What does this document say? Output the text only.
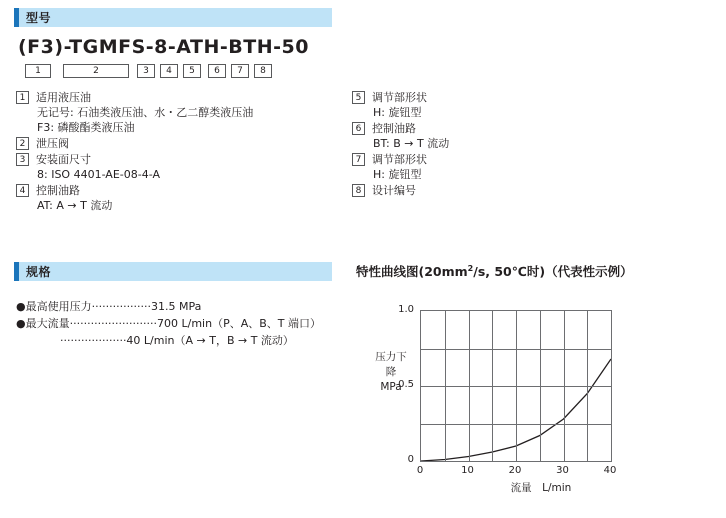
型号
(F3)-TGMFS-8-ATH-BTH-50
1	2	3	4	5	6	7	8
1 适用液压油
无记号: 石油类液压油、水・乙二醇类液压油
F3: 磷酸酯类液压油
2 泄压阀
3 安装面尺寸
8: ISO 4401-AE-08-4-A
4 控制油路
AT: A → T 流动
5 调节部形状
H: 旋钮型
6 控制油路
BT: B → T 流动
7 调节部形状
H: 旋钮型
8 设计编号
规格
●最高使用压力·················31.5 MPa
●最大流量·························700 L/min（P、A、B、T 端口）
　　　　···················40 L/min（A → T，B → T 流动）
特性曲线图($20mm^2/s$, 50℃时)（代表性示例）
压力下降
MPa
0
0.5
1.0
0	10	20	30	40
流量　L/min
